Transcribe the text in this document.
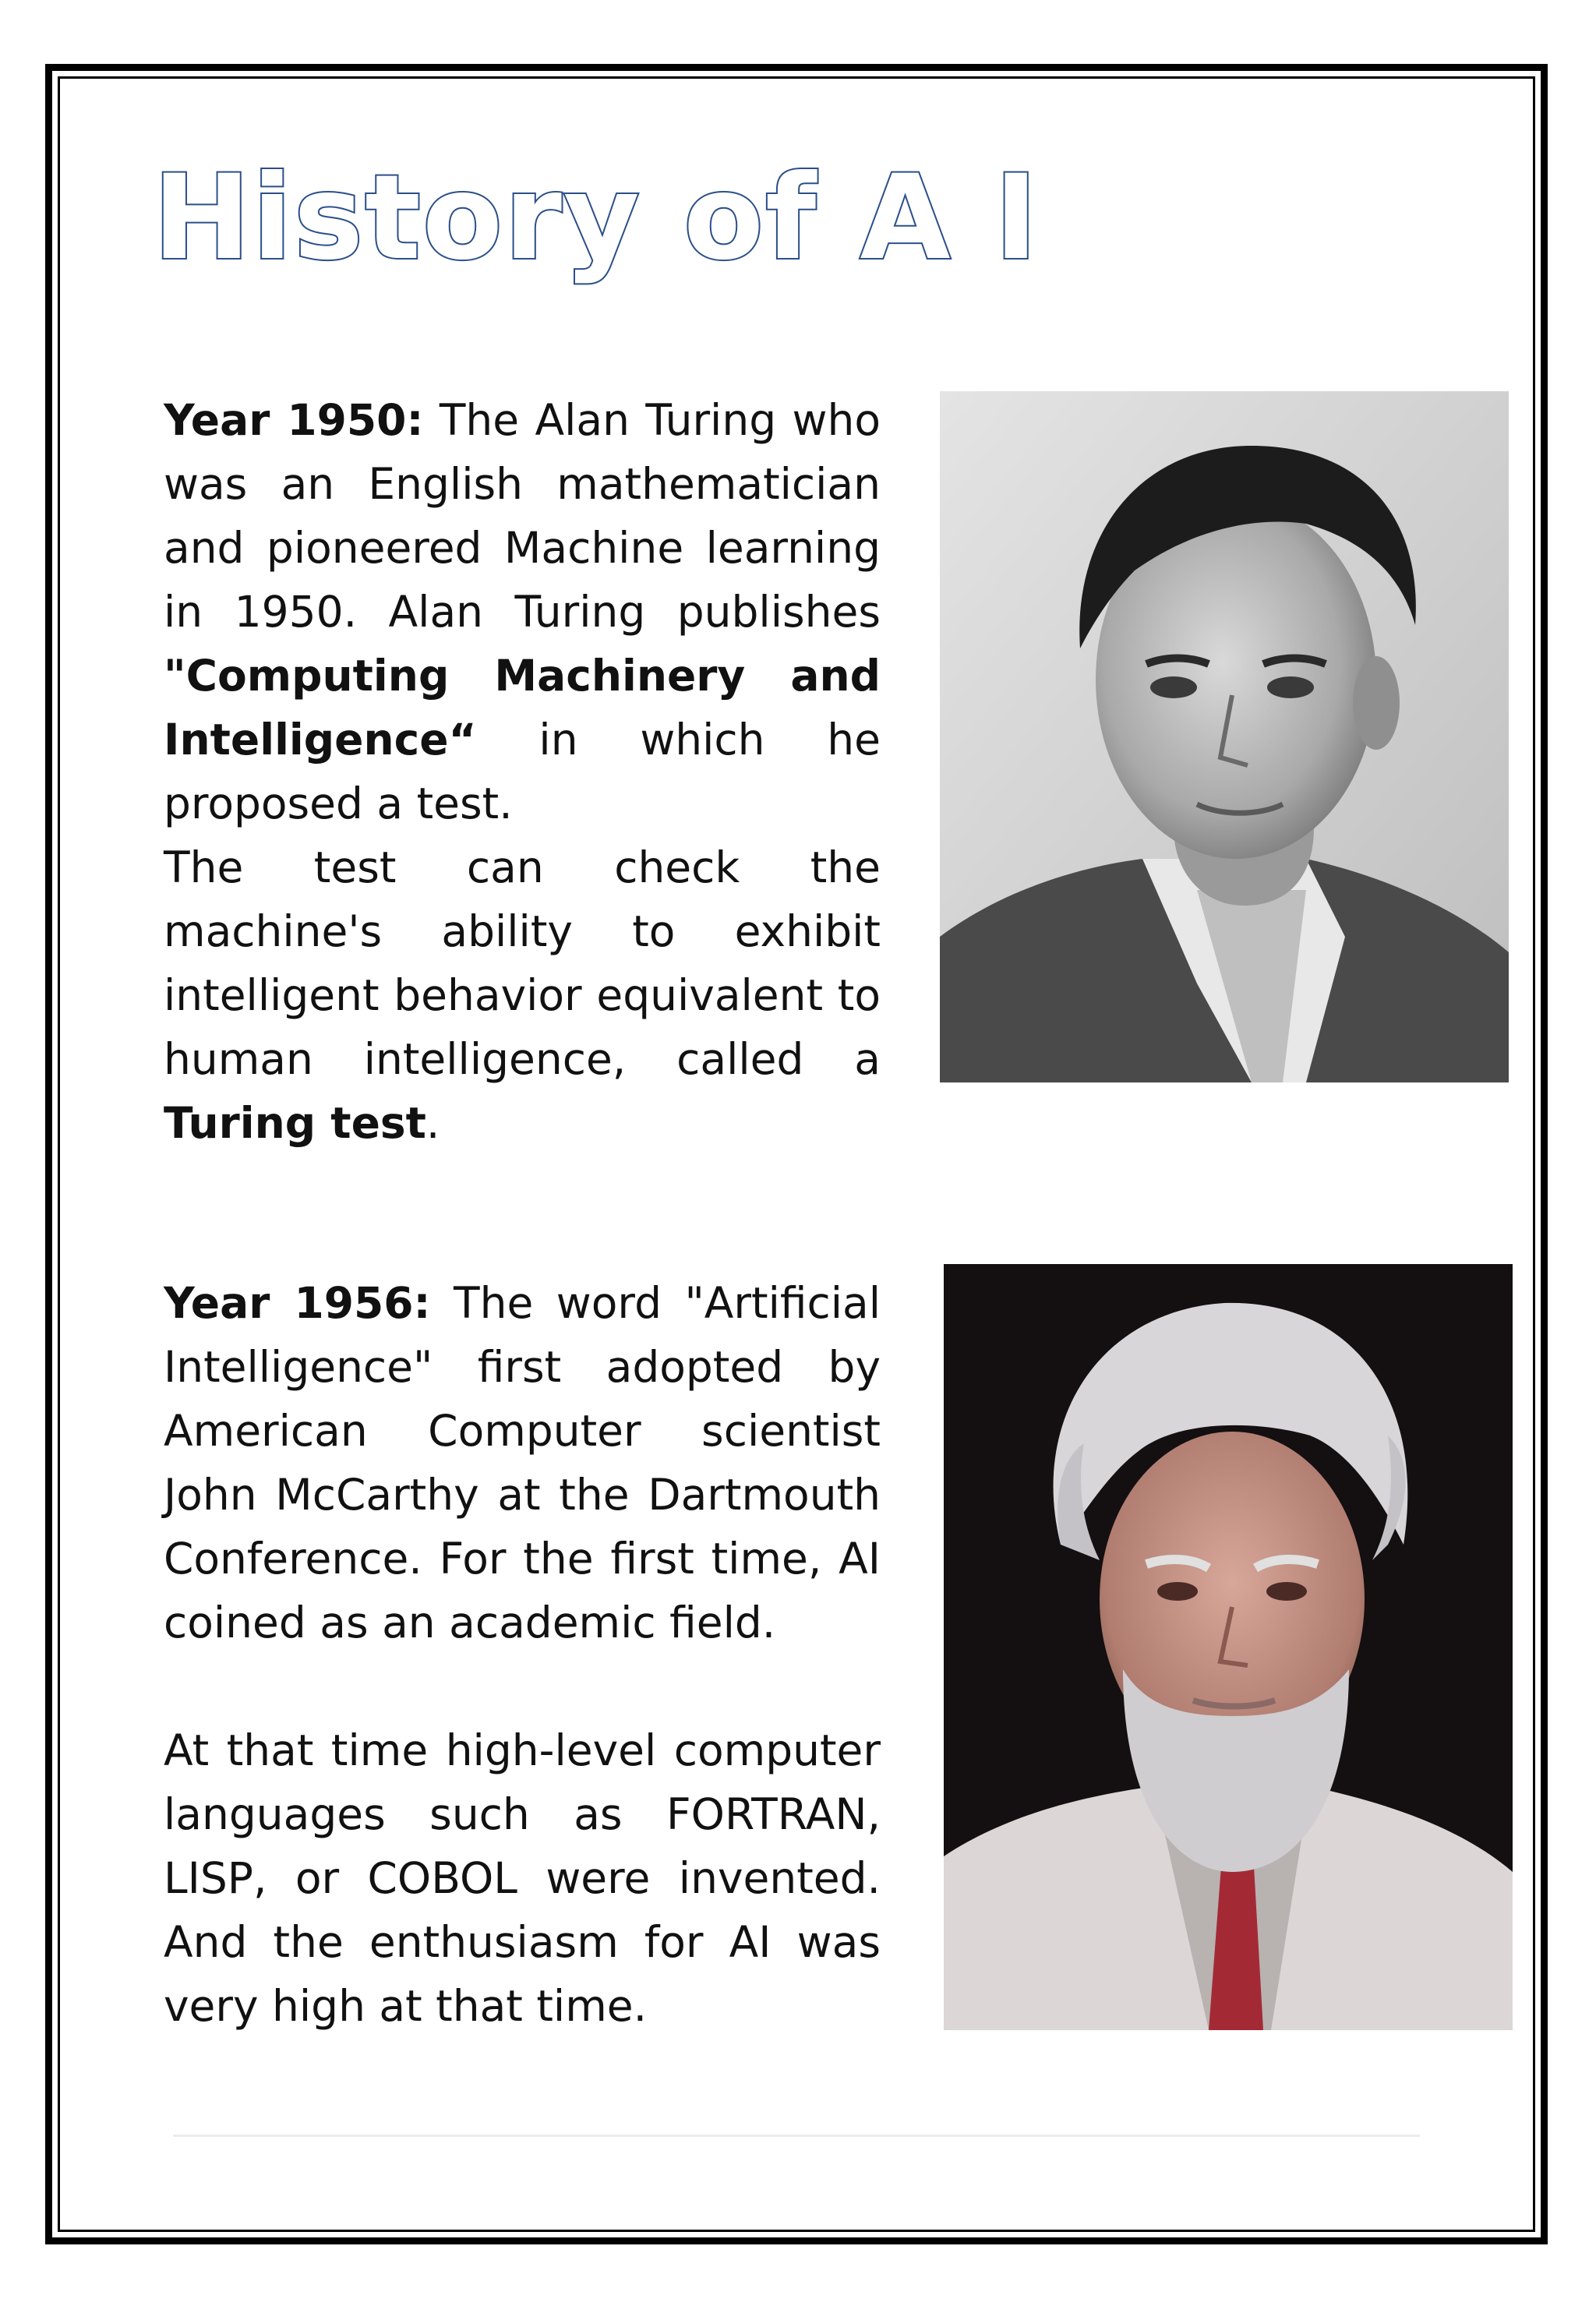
History of A I

Year 1950: The Alan Turing who was an English mathematician and pioneered Machine learning in 1950. Alan Turing publishes "Computing Machinery and Intelligence“ in which he proposed a test.

The test can check the machine's ability to exhibit intelligent behavior equivalent to human intelligence, called a Turing test.

Year 1956: The word "Artificial Intelligence" first adopted by American Computer scientist John McCarthy at the Dartmouth Conference. For the first time, AI coined as an academic field.

At that time high-level computer languages such as FORTRAN, LISP, or COBOL were invented. And the enthusiasm for AI was very high at that time.
